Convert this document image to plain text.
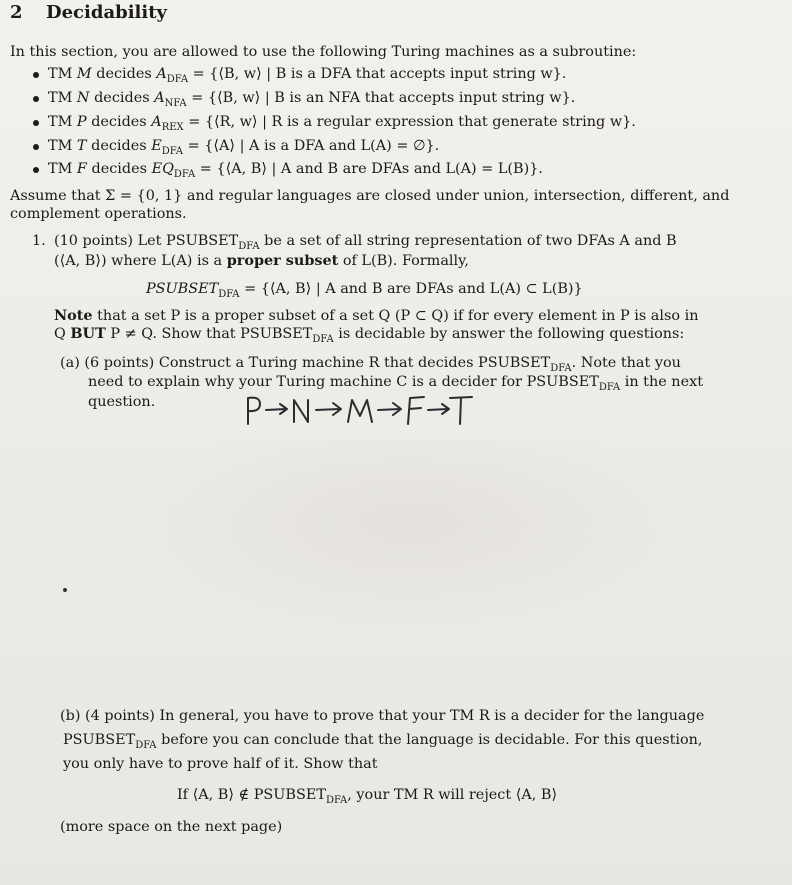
2 Decidability
In this section, you are allowed to use the following Turing machines as a subroutine:
TM M decides $A_{DFA}$ = {⟨B, w⟩ | B is a DFA that accepts input string w}.
TM N decides $A_{NFA}$ = {⟨B, w⟩ | B is an NFA that accepts input string w}.
TM P decides $A_{REX}$ = {⟨R, w⟩ | R is a regular expression that generate string w}.
TM T decides $E_{DFA}$ = {⟨A⟩ | A is a DFA and L(A) = ∅}.
TM F decides $EQ_{DFA}$ = {⟨A, B⟩ | A and B are DFAs and L(A) = L(B)}.
Assume that Σ = {0, 1} and regular languages are closed under union, intersection, different, and
complement operations.
1. (10 points) Let $PSUBSET_{DFA}$ be a set of all string representation of two DFAs A and B
(⟨A, B⟩) where L(A) is a proper subset of L(B). Formally,
$PSUBSET_{DFA}$ = {⟨A, B⟩ | A and B are DFAs and L(A) ⊂ L(B)}
Note that a set P is a proper subset of a set Q (P ⊂ Q) if for every element in P is also in
Q BUT P ≠ Q. Show that $PSUBSET_{DFA}$ is decidable by answer the following questions:
(a) (6 points) Construct a Turing machine R that decides $PSUBSET_{DFA}$. Note that you
need to explain why your Turing machine C is a decider for $PSUBSET_{DFA}$ in the next
question.
(b) (4 points) In general, you have to prove that your TM R is a decider for the language
$PSUBSET_{DFA}$ before you can conclude that the language is decidable. For this question,
you only have to prove half of it. Show that
If ⟨A, B⟩ ∉ $PSUBSET_{DFA}$, your TM R will reject ⟨A, B⟩
(more space on the next page)
